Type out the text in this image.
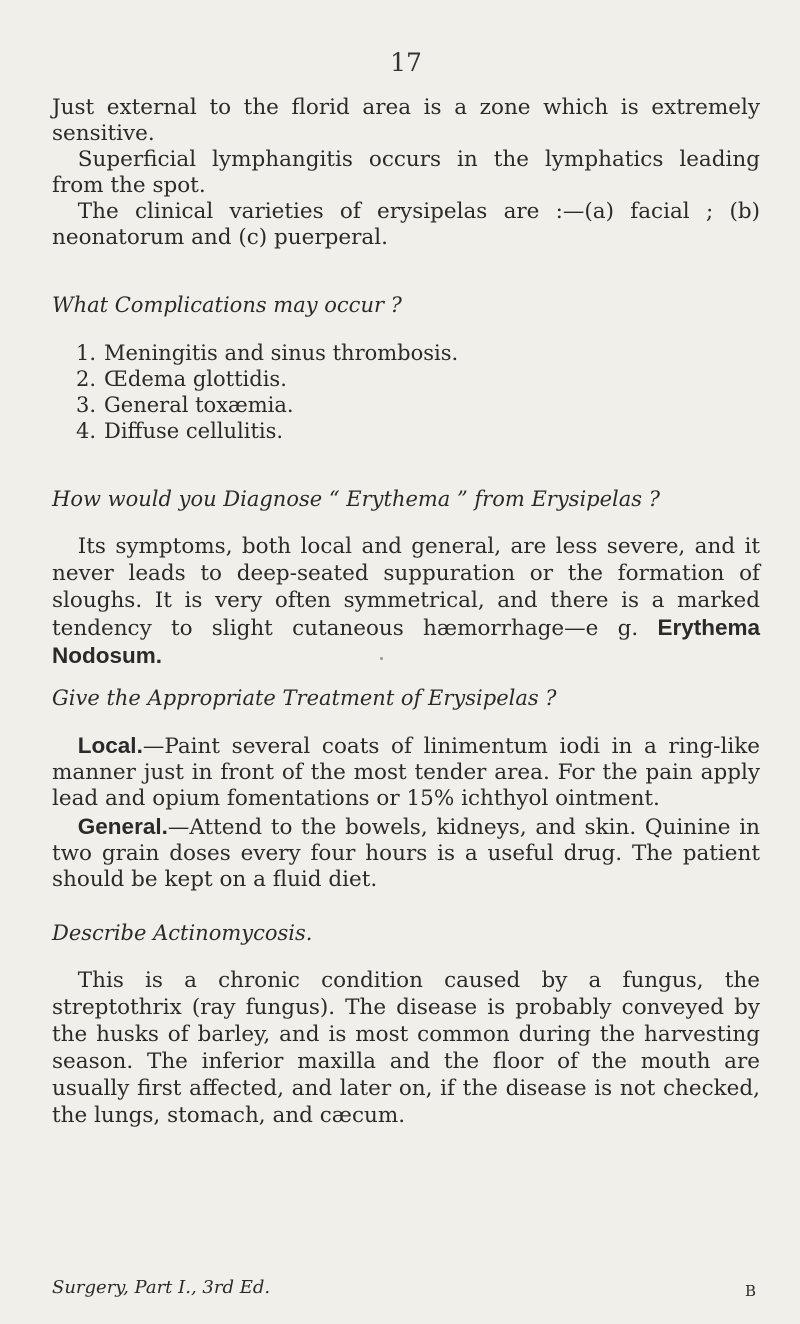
17
Just external to the florid area is a zone which is extremely sensitive.
Superficial lymphangitis occurs in the lymphatics leading from the spot.
The clinical varieties of erysipelas are :—(a) facial ; (b) neonatorum and (c) puerperal.
What Complications may occur ?
1. Meningitis and sinus thrombosis.
2. Œdema glottidis.
3. General toxæmia.
4. Diffuse cellulitis.
How would you Diagnose “ Erythema ” from Erysipelas ?
Its symptoms, both local and general, are less severe, and it never leads to deep-seated suppuration or the formation of sloughs. It is very often symmetrical, and there is a marked tendency to slight cutaneous hæmorrhage—e g. Erythema Nodosum.
Give the Appropriate Treatment of Erysipelas ?
Local.—Paint several coats of linimentum iodi in a ring-like manner just in front of the most tender area. For the pain apply lead and opium fomentations or 15% ichthyol ointment.
General.—Attend to the bowels, kidneys, and skin. Quinine in two grain doses every four hours is a useful drug. The patient should be kept on a fluid diet.
Describe Actinomycosis.
This is a chronic condition caused by a fungus, the streptothrix (ray fungus). The disease is probably conveyed by the husks of barley, and is most common during the harvesting season. The inferior maxilla and the floor of the mouth are usually first affected, and later on, if the disease is not checked, the lungs, stomach, and cæcum.
Surgery, Part I., 3rd Ed.	B
